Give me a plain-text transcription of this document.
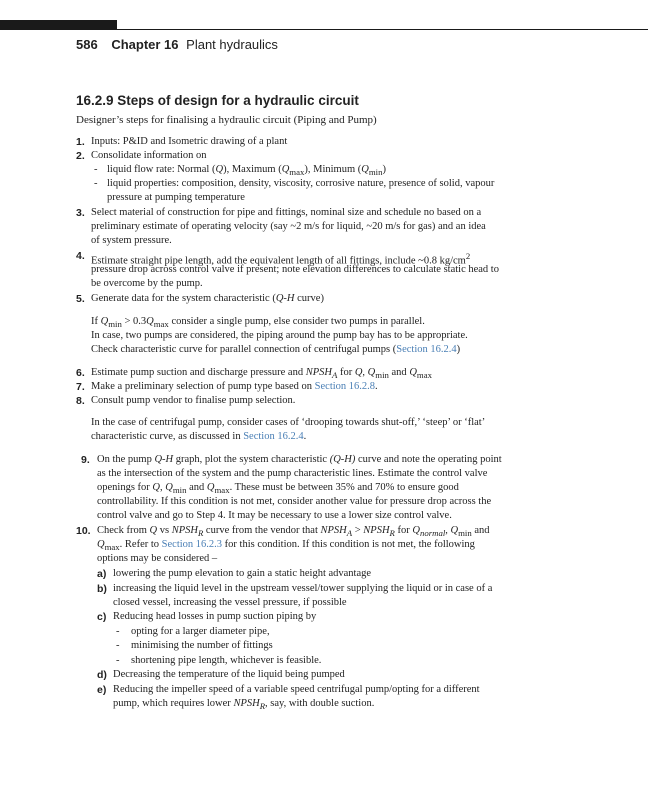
586 Chapter 16 Plant hydraulics
16.2.9 Steps of design for a hydraulic circuit
Designer’s steps for finalising a hydraulic circuit (Piping and Pump)
1. Inputs: P&ID and Isometric drawing of a plant
2. Consolidate information on
- liquid flow rate: Normal (Q), Maximum $(Q_{max})$, Minimum $(Q_{min})$
- liquid properties: composition, density, viscosity, corrosive nature, presence of solid, vapour
pressure at pumping temperature
3. Select material of construction for pipe and fittings, nominal size and schedule no based on a
preliminary estimate of operating velocity (say ~2 m/s for liquid, ~20 m/s for gas) and an idea
of system pressure.
4. Estimate straight pipe length, add the equivalent length of all fittings, include ~0.8 $kg/cm^2$
pressure drop across control valve if present; note elevation differences to calculate static head to
be overcome by the pump.
5. Generate data for the system characteristic (Q-H curve)
If $Q_{min} > 0.3Q_{max}$ consider a single pump, else consider two pumps in parallel.
In case, two pumps are considered, the piping around the pump bay has to be appropriate.
Check characteristic curve for parallel connection of centrifugal pumps (Section 16.2.4)
6. Estimate pump suction and discharge pressure and $NPSH_A$ for Q, $Q_{min}$ and $Q_{max}$
7. Make a preliminary selection of pump type based on Section 16.2.8.
8. Consult pump vendor to finalise pump selection.
In the case of centrifugal pump, consider cases of ‘drooping towards shut-off,’ ‘steep’ or ‘flat’
characteristic curve, as discussed in Section 16.2.4.
9. On the pump Q-H graph, plot the system characteristic (Q-H) curve and note the operating point
as the intersection of the system and the pump characteristic lines. Estimate the control valve
openings for Q, $Q_{min}$ and $Q_{max}$. These must be between 35% and 70% to ensure good
controllability. If this condition is not met, consider another value for pressure drop across the
control valve and go to Step 4. It may be necessary to use a lower size control valve.
10. Check from Q vs $NPSH_R$ curve from the vendor that $NPSH_A$ > $NPSH_R$ for $Q_{normal}$, $Q_{min}$ and
$Q_{max}$. Refer to Section 16.2.3 for this condition. If this condition is not met, the following
options may be considered –
a) lowering the pump elevation to gain a static height advantage
b) increasing the liquid level in the upstream vessel/tower supplying the liquid or in case of a
closed vessel, increasing the vessel pressure, if possible
c) Reducing head losses in pump suction piping by
- opting for a larger diameter pipe,
- minimising the number of fittings
- shortening pipe length, whichever is feasible.
d) Decreasing the temperature of the liquid being pumped
e) Reducing the impeller speed of a variable speed centrifugal pump/opting for a different
pump, which requires lower $NPSH_R$, say, with double suction.
